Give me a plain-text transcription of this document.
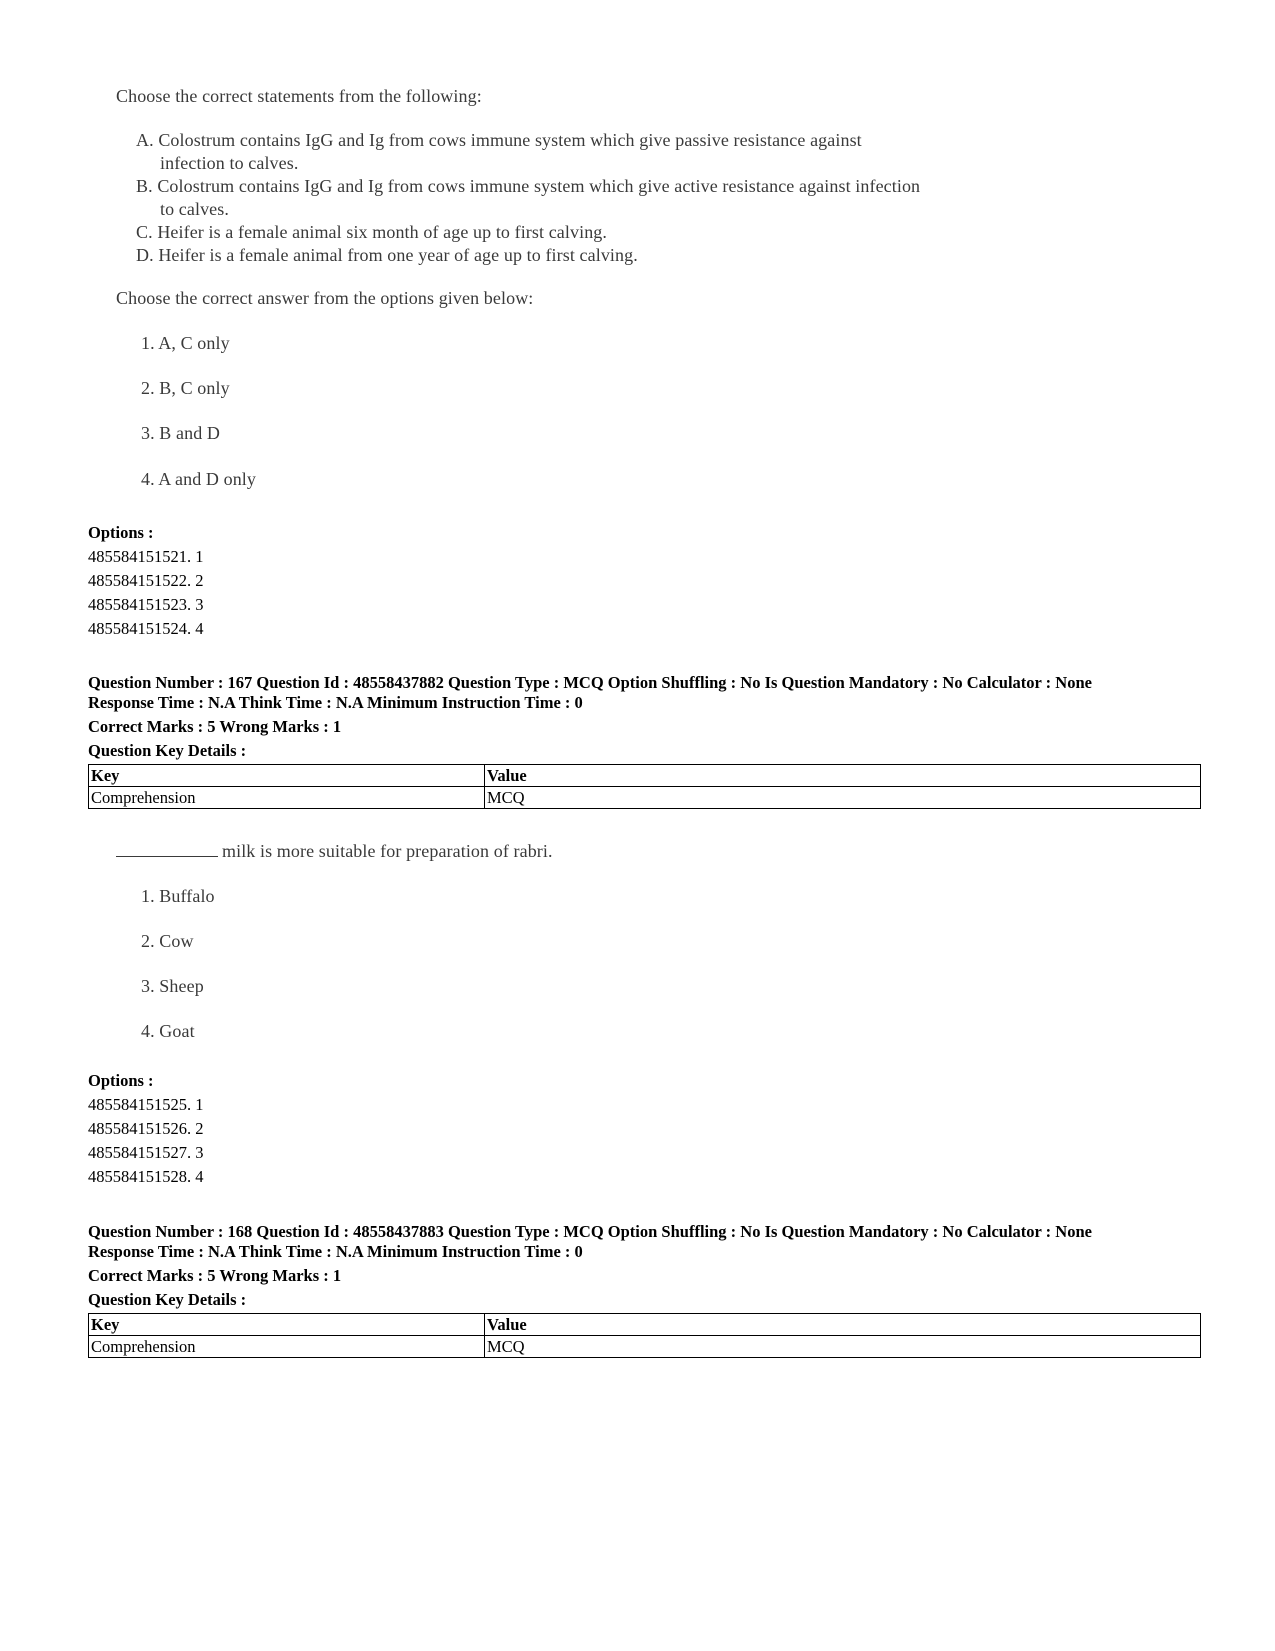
Choose the correct statements from the following:
A. Colostrum contains IgG and Ig from cows immune system which give passive resistance against
infection to calves.
B. Colostrum contains IgG and Ig from cows immune system which give active resistance against infection
to calves.
C. Heifer is a female animal six month of age up to first calving.
D. Heifer is a female animal from one year of age up to first calving.
Choose the correct answer from the options given below:
1. A, C only
2. B, C only
3. B and D
4. A and D only
Options :
485584151521. 1
485584151522. 2
485584151523. 3
485584151524. 4
Question Number : 167 Question Id : 48558437882 Question Type : MCQ Option Shuffling : No Is Question Mandatory : No Calculator : None
Response Time : N.A Think Time : N.A Minimum Instruction Time : 0
Correct Marks : 5 Wrong Marks : 1
Question Key Details :
Key	Value
Comprehension	MCQ
milk is more suitable for preparation of rabri.
1. Buffalo
2. Cow
3. Sheep
4. Goat
Options :
485584151525. 1
485584151526. 2
485584151527. 3
485584151528. 4
Question Number : 168 Question Id : 48558437883 Question Type : MCQ Option Shuffling : No Is Question Mandatory : No Calculator : None
Response Time : N.A Think Time : N.A Minimum Instruction Time : 0
Correct Marks : 5 Wrong Marks : 1
Question Key Details :
Key	Value
Comprehension	MCQ
